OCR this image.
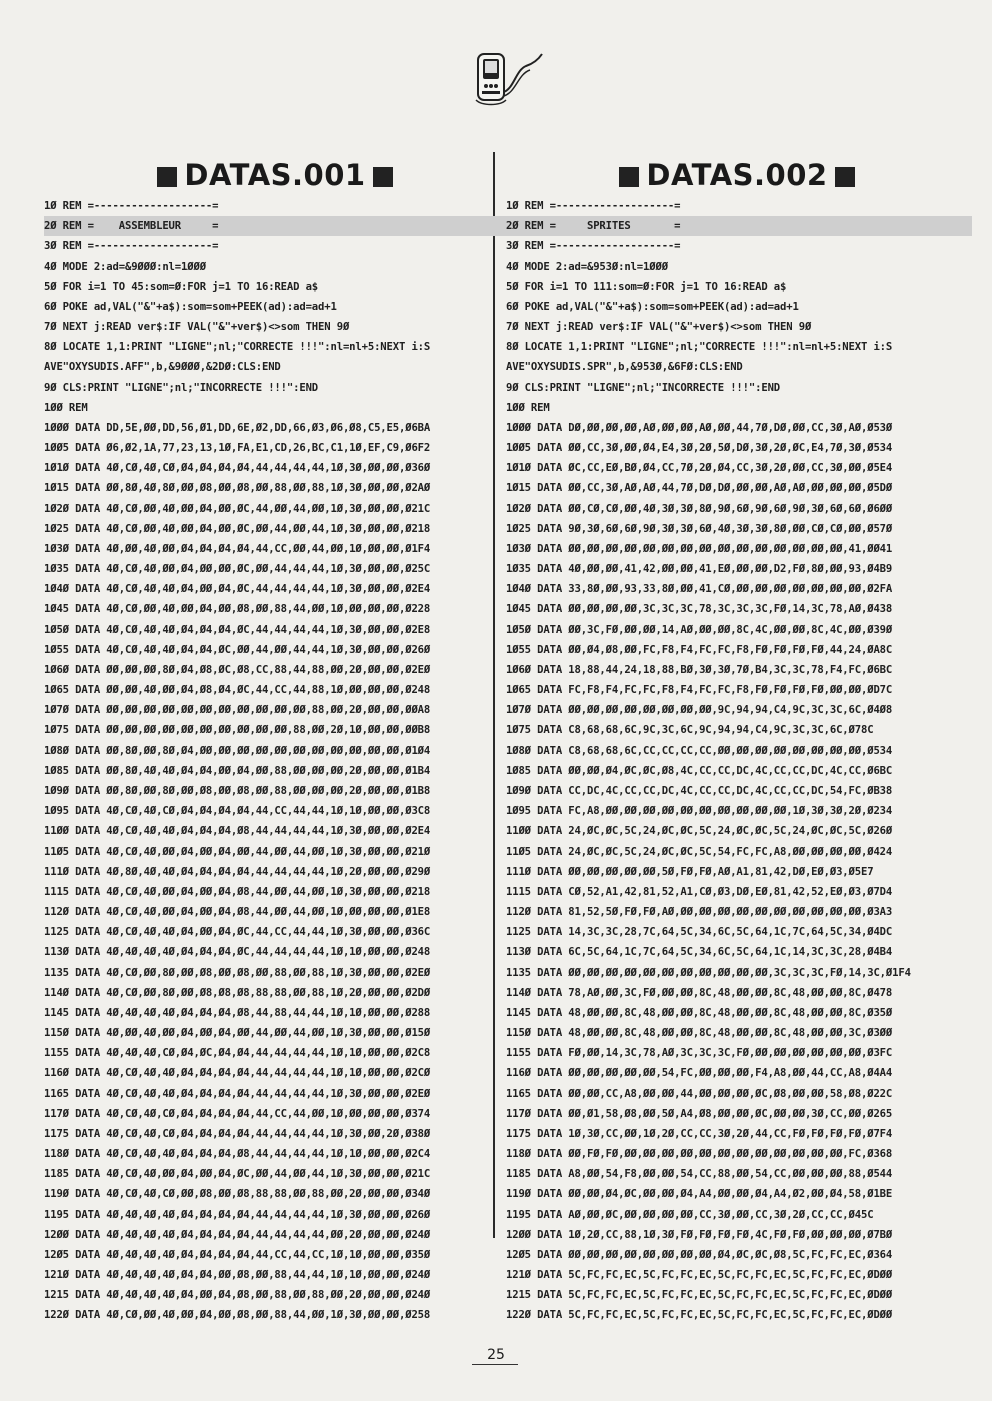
DATAS.001
1Ø REM =-------------------=
2Ø REM =    ASSEMBLEUR     =
3Ø REM =-------------------=
4Ø MODE 2:ad=&9ØØØ:nl=1ØØØ
5Ø FOR i=1 TO 45:som=Ø:FOR j=1 TO 16:READ a$
6Ø POKE ad,VAL("&"+a$):som=som+PEEK(ad):ad=ad+1
7Ø NEXT j:READ ver$:IF VAL("&"+ver$)<>som THEN 9Ø
8Ø LOCATE 1,1:PRINT "LIGNE";nl;"CORRECTE !!!":nl=nl+5:NEXT i:S
AVE"OXYSUDIS.AFF",b,&9ØØØ,&2DØ:CLS:END
9Ø CLS:PRINT "LIGNE";nl;"INCORRECTE !!!":END
1ØØ REM
1ØØØ DATA DD,5E,ØØ,DD,56,Ø1,DD,6E,Ø2,DD,66,Ø3,Ø6,Ø8,C5,E5,Ø6BA
1ØØ5 DATA Ø6,Ø2,1A,77,23,13,1Ø,FA,E1,CD,26,BC,C1,1Ø,EF,C9,Ø6F2
1Ø1Ø DATA 4Ø,CØ,4Ø,CØ,Ø4,Ø4,Ø4,Ø4,44,44,44,44,1Ø,3Ø,ØØ,ØØ,Ø36Ø
1Ø15 DATA ØØ,8Ø,4Ø,8Ø,ØØ,Ø8,ØØ,Ø8,ØØ,88,ØØ,88,1Ø,3Ø,ØØ,ØØ,Ø2AØ
1Ø2Ø DATA 4Ø,CØ,ØØ,4Ø,ØØ,Ø4,ØØ,ØC,44,ØØ,44,ØØ,1Ø,3Ø,ØØ,ØØ,Ø21C
1Ø25 DATA 4Ø,CØ,ØØ,4Ø,ØØ,Ø4,ØØ,ØC,ØØ,44,ØØ,44,1Ø,3Ø,ØØ,ØØ,Ø218
1Ø3Ø DATA 4Ø,ØØ,4Ø,ØØ,Ø4,Ø4,Ø4,Ø4,44,CC,ØØ,44,ØØ,1Ø,ØØ,ØØ,Ø1F4
1Ø35 DATA 4Ø,CØ,4Ø,ØØ,Ø4,ØØ,ØØ,ØC,ØØ,44,44,44,1Ø,3Ø,ØØ,ØØ,Ø25C
1Ø4Ø DATA 4Ø,CØ,4Ø,4Ø,Ø4,ØØ,Ø4,ØC,44,44,44,44,1Ø,3Ø,ØØ,ØØ,Ø2E4
1Ø45 DATA 4Ø,CØ,ØØ,4Ø,ØØ,Ø4,ØØ,Ø8,ØØ,88,44,ØØ,1Ø,ØØ,ØØ,ØØ,Ø228
1Ø5Ø DATA 4Ø,CØ,4Ø,4Ø,Ø4,Ø4,Ø4,ØC,44,44,44,44,1Ø,3Ø,ØØ,ØØ,Ø2E8
1Ø55 DATA 4Ø,CØ,4Ø,4Ø,Ø4,Ø4,ØC,ØØ,44,ØØ,44,44,1Ø,3Ø,ØØ,ØØ,Ø26Ø
1Ø6Ø DATA ØØ,ØØ,ØØ,8Ø,Ø4,Ø8,ØC,Ø8,CC,88,44,88,ØØ,2Ø,ØØ,ØØ,Ø2EØ
1Ø65 DATA ØØ,ØØ,4Ø,ØØ,Ø4,Ø8,Ø4,ØC,44,CC,44,88,1Ø,ØØ,ØØ,ØØ,Ø248
1Ø7Ø DATA ØØ,ØØ,ØØ,ØØ,ØØ,ØØ,ØØ,ØØ,ØØ,ØØ,ØØ,88,ØØ,2Ø,ØØ,ØØ,ØØA8
1Ø75 DATA ØØ,ØØ,ØØ,ØØ,ØØ,ØØ,ØØ,ØØ,ØØ,ØØ,88,ØØ,2Ø,1Ø,ØØ,ØØ,ØØB8
1Ø8Ø DATA ØØ,8Ø,ØØ,8Ø,Ø4,ØØ,ØØ,ØØ,ØØ,ØØ,ØØ,ØØ,ØØ,ØØ,ØØ,ØØ,Ø1Ø4
1Ø85 DATA ØØ,8Ø,4Ø,4Ø,Ø4,Ø4,ØØ,Ø4,ØØ,88,ØØ,ØØ,ØØ,2Ø,ØØ,ØØ,Ø1B4
1Ø9Ø DATA ØØ,8Ø,ØØ,8Ø,ØØ,Ø8,ØØ,Ø8,ØØ,88,ØØ,ØØ,ØØ,2Ø,ØØ,ØØ,Ø1B8
1Ø95 DATA 4Ø,CØ,4Ø,CØ,Ø4,Ø4,Ø4,Ø4,44,CC,44,44,1Ø,1Ø,ØØ,ØØ,Ø3C8
11ØØ DATA 4Ø,CØ,4Ø,4Ø,Ø4,Ø4,Ø4,Ø8,44,44,44,44,1Ø,3Ø,ØØ,ØØ,Ø2E4
11Ø5 DATA 4Ø,CØ,4Ø,ØØ,Ø4,ØØ,Ø4,ØØ,44,ØØ,44,ØØ,1Ø,3Ø,ØØ,ØØ,Ø21Ø
111Ø DATA 4Ø,8Ø,4Ø,4Ø,Ø4,Ø4,Ø4,Ø4,44,44,44,44,1Ø,2Ø,ØØ,ØØ,Ø29Ø
1115 DATA 4Ø,CØ,4Ø,ØØ,Ø4,ØØ,Ø4,Ø8,44,ØØ,44,ØØ,1Ø,3Ø,ØØ,ØØ,Ø218
112Ø DATA 4Ø,CØ,4Ø,ØØ,Ø4,ØØ,Ø4,Ø8,44,ØØ,44,ØØ,1Ø,ØØ,ØØ,ØØ,Ø1E8
1125 DATA 4Ø,CØ,4Ø,4Ø,Ø4,ØØ,Ø4,ØC,44,CC,44,44,1Ø,3Ø,ØØ,ØØ,Ø36C
113Ø DATA 4Ø,4Ø,4Ø,4Ø,Ø4,Ø4,Ø4,ØC,44,44,44,44,1Ø,1Ø,ØØ,ØØ,Ø248
1135 DATA 4Ø,CØ,ØØ,8Ø,ØØ,Ø8,ØØ,Ø8,ØØ,88,ØØ,88,1Ø,3Ø,ØØ,ØØ,Ø2EØ
114Ø DATA 4Ø,CØ,ØØ,8Ø,ØØ,Ø8,Ø8,Ø8,88,88,ØØ,88,1Ø,2Ø,ØØ,ØØ,Ø2DØ
1145 DATA 4Ø,4Ø,4Ø,4Ø,Ø4,Ø4,Ø4,Ø8,44,88,44,44,1Ø,1Ø,ØØ,ØØ,Ø288
115Ø DATA 4Ø,ØØ,4Ø,ØØ,Ø4,ØØ,Ø4,ØØ,44,ØØ,44,ØØ,1Ø,3Ø,ØØ,ØØ,Ø15Ø
1155 DATA 4Ø,4Ø,4Ø,CØ,Ø4,ØC,Ø4,Ø4,44,44,44,44,1Ø,1Ø,ØØ,ØØ,Ø2C8
116Ø DATA 4Ø,CØ,4Ø,4Ø,Ø4,Ø4,Ø4,Ø4,44,44,44,44,1Ø,1Ø,ØØ,ØØ,Ø2CØ
1165 DATA 4Ø,CØ,4Ø,4Ø,Ø4,Ø4,Ø4,Ø4,44,44,44,44,1Ø,3Ø,ØØ,ØØ,Ø2EØ
117Ø DATA 4Ø,CØ,4Ø,CØ,Ø4,Ø4,Ø4,Ø4,44,CC,44,ØØ,1Ø,ØØ,ØØ,ØØ,Ø374
1175 DATA 4Ø,CØ,4Ø,CØ,Ø4,Ø4,Ø4,Ø4,44,44,44,44,1Ø,3Ø,ØØ,2Ø,Ø38Ø
118Ø DATA 4Ø,CØ,4Ø,4Ø,Ø4,Ø4,Ø4,Ø8,44,44,44,44,1Ø,1Ø,ØØ,ØØ,Ø2C4
1185 DATA 4Ø,CØ,4Ø,ØØ,Ø4,ØØ,Ø4,ØC,ØØ,44,ØØ,44,1Ø,3Ø,ØØ,ØØ,Ø21C
119Ø DATA 4Ø,CØ,4Ø,CØ,ØØ,Ø8,ØØ,Ø8,88,88,ØØ,88,ØØ,2Ø,ØØ,ØØ,Ø34Ø
1195 DATA 4Ø,4Ø,4Ø,4Ø,Ø4,Ø4,Ø4,Ø4,44,44,44,44,1Ø,3Ø,ØØ,ØØ,Ø26Ø
12ØØ DATA 4Ø,4Ø,4Ø,4Ø,Ø4,Ø4,Ø4,Ø4,44,44,44,44,ØØ,2Ø,ØØ,ØØ,Ø24Ø
12Ø5 DATA 4Ø,4Ø,4Ø,4Ø,Ø4,Ø4,Ø4,Ø4,44,CC,44,CC,1Ø,1Ø,ØØ,ØØ,Ø35Ø
121Ø DATA 4Ø,4Ø,4Ø,4Ø,Ø4,Ø4,ØØ,Ø8,ØØ,88,44,44,1Ø,1Ø,ØØ,ØØ,Ø24Ø
1215 DATA 4Ø,4Ø,4Ø,4Ø,Ø4,ØØ,Ø4,Ø8,ØØ,88,ØØ,88,ØØ,2Ø,ØØ,ØØ,Ø24Ø
122Ø DATA 4Ø,CØ,ØØ,4Ø,ØØ,Ø4,ØØ,Ø8,ØØ,88,44,ØØ,1Ø,3Ø,ØØ,ØØ,Ø258
DATAS.002
1Ø REM =-------------------=
2Ø REM =     SPRITES       =
3Ø REM =-------------------=
4Ø MODE 2:ad=&953Ø:nl=1ØØØ
5Ø FOR i=1 TO 111:som=Ø:FOR j=1 TO 16:READ a$
6Ø POKE ad,VAL("&"+a$):som=som+PEEK(ad):ad=ad+1
7Ø NEXT j:READ ver$:IF VAL("&"+ver$)<>som THEN 9Ø
8Ø LOCATE 1,1:PRINT "LIGNE";nl;"CORRECTE !!!":nl=nl+5:NEXT i:S
AVE"OXYSUDIS.SPR",b,&953Ø,&6FØ:CLS:END
9Ø CLS:PRINT "LIGNE";nl;"INCORRECTE !!!":END
1ØØ REM
1ØØØ DATA DØ,ØØ,ØØ,ØØ,AØ,ØØ,ØØ,AØ,ØØ,44,7Ø,DØ,ØØ,CC,3Ø,AØ,Ø53Ø
1ØØ5 DATA ØØ,CC,3Ø,ØØ,Ø4,E4,3Ø,2Ø,5Ø,DØ,3Ø,2Ø,ØC,E4,7Ø,3Ø,Ø534
1Ø1Ø DATA ØC,CC,EØ,BØ,Ø4,CC,7Ø,2Ø,Ø4,CC,3Ø,2Ø,ØØ,CC,3Ø,ØØ,Ø5E4
1Ø15 DATA ØØ,CC,3Ø,AØ,AØ,44,7Ø,DØ,DØ,ØØ,ØØ,AØ,AØ,ØØ,ØØ,ØØ,Ø5DØ
1Ø2Ø DATA ØØ,CØ,CØ,ØØ,4Ø,3Ø,3Ø,8Ø,9Ø,6Ø,9Ø,6Ø,9Ø,3Ø,6Ø,6Ø,Ø6ØØ
1Ø25 DATA 9Ø,3Ø,6Ø,6Ø,9Ø,3Ø,3Ø,6Ø,4Ø,3Ø,3Ø,8Ø,ØØ,CØ,CØ,ØØ,Ø57Ø
1Ø3Ø DATA ØØ,ØØ,ØØ,ØØ,ØØ,ØØ,ØØ,ØØ,ØØ,ØØ,ØØ,ØØ,ØØ,ØØ,ØØ,41,ØØ41
1Ø35 DATA 4Ø,ØØ,ØØ,41,42,ØØ,ØØ,41,EØ,ØØ,ØØ,D2,FØ,8Ø,ØØ,93,Ø4B9
1Ø4Ø DATA 33,8Ø,ØØ,93,33,8Ø,ØØ,41,CØ,ØØ,ØØ,ØØ,ØØ,ØØ,ØØ,ØØ,Ø2FA
1Ø45 DATA ØØ,ØØ,ØØ,ØØ,3C,3C,3C,78,3C,3C,3C,FØ,14,3C,78,AØ,Ø438
1Ø5Ø DATA ØØ,3C,FØ,ØØ,ØØ,14,AØ,ØØ,ØØ,8C,4C,ØØ,ØØ,8C,4C,ØØ,Ø39Ø
1Ø55 DATA ØØ,Ø4,Ø8,ØØ,FC,F8,F4,FC,FC,F8,FØ,FØ,FØ,FØ,44,24,ØA8C
1Ø6Ø DATA 18,88,44,24,18,88,BØ,3Ø,3Ø,7Ø,B4,3C,3C,78,F4,FC,Ø6BC
1Ø65 DATA FC,F8,F4,FC,FC,F8,F4,FC,FC,F8,FØ,FØ,FØ,FØ,ØØ,ØØ,ØD7C
1Ø7Ø DATA ØØ,ØØ,ØØ,ØØ,ØØ,ØØ,ØØ,ØØ,9C,94,94,C4,9C,3C,3C,6C,Ø4Ø8
1Ø75 DATA C8,68,68,6C,9C,3C,6C,9C,94,94,C4,9C,3C,3C,6C,Ø78C
1Ø8Ø DATA C8,68,68,6C,CC,CC,CC,CC,ØØ,ØØ,ØØ,ØØ,ØØ,ØØ,ØØ,ØØ,Ø534
1Ø85 DATA ØØ,ØØ,Ø4,ØC,ØC,Ø8,4C,CC,CC,DC,4C,CC,CC,DC,4C,CC,Ø6BC
1Ø9Ø DATA CC,DC,4C,CC,CC,DC,4C,CC,CC,DC,4C,CC,CC,DC,54,FC,ØB38
1Ø95 DATA FC,A8,ØØ,ØØ,ØØ,ØØ,ØØ,ØØ,ØØ,ØØ,ØØ,ØØ,1Ø,3Ø,3Ø,2Ø,Ø234
11ØØ DATA 24,ØC,ØC,5C,24,ØC,ØC,5C,24,ØC,ØC,5C,24,ØC,ØC,5C,Ø26Ø
11Ø5 DATA 24,ØC,ØC,5C,24,ØC,ØC,5C,54,FC,FC,A8,ØØ,ØØ,ØØ,ØØ,Ø424
111Ø DATA ØØ,ØØ,ØØ,ØØ,ØØ,5Ø,FØ,FØ,AØ,A1,81,42,DØ,EØ,Ø3,Ø5E7
1115 DATA CØ,52,A1,42,81,52,A1,CØ,Ø3,DØ,EØ,81,42,52,EØ,Ø3,Ø7D4
112Ø DATA 81,52,5Ø,FØ,FØ,AØ,ØØ,ØØ,ØØ,ØØ,ØØ,ØØ,ØØ,ØØ,ØØ,ØØ,Ø3A3
1125 DATA 14,3C,3C,28,7C,64,5C,34,6C,5C,64,1C,7C,64,5C,34,Ø4DC
113Ø DATA 6C,5C,64,1C,7C,64,5C,34,6C,5C,64,1C,14,3C,3C,28,Ø4B4
1135 DATA ØØ,ØØ,ØØ,ØØ,ØØ,ØØ,ØØ,ØØ,ØØ,ØØ,ØØ,3C,3C,3C,FØ,14,3C,Ø1F4
114Ø DATA 78,AØ,ØØ,3C,FØ,ØØ,ØØ,8C,48,ØØ,ØØ,8C,48,ØØ,ØØ,8C,Ø478
1145 DATA 48,ØØ,ØØ,8C,48,ØØ,ØØ,8C,48,ØØ,ØØ,8C,48,ØØ,ØØ,8C,Ø35Ø
115Ø DATA 48,ØØ,ØØ,8C,48,ØØ,ØØ,8C,48,ØØ,ØØ,8C,48,ØØ,ØØ,3C,Ø3ØØ
1155 DATA FØ,ØØ,14,3C,78,AØ,3C,3C,3C,FØ,ØØ,ØØ,ØØ,ØØ,ØØ,ØØ,Ø3FC
116Ø DATA ØØ,ØØ,ØØ,ØØ,ØØ,54,FC,ØØ,ØØ,ØØ,F4,A8,ØØ,44,CC,A8,Ø4A4
1165 DATA ØØ,ØØ,CC,A8,ØØ,ØØ,44,ØØ,ØØ,ØØ,ØC,Ø8,ØØ,ØØ,58,Ø8,Ø22C
117Ø DATA ØØ,Ø1,58,Ø8,ØØ,5Ø,A4,Ø8,ØØ,ØØ,ØC,ØØ,ØØ,3Ø,CC,ØØ,Ø265
1175 DATA 1Ø,3Ø,CC,ØØ,1Ø,2Ø,CC,CC,3Ø,2Ø,44,CC,FØ,FØ,FØ,FØ,Ø7F4
118Ø DATA ØØ,FØ,FØ,ØØ,ØØ,ØØ,ØØ,ØØ,ØØ,ØØ,ØØ,ØØ,ØØ,ØØ,ØØ,FC,Ø368
1185 DATA A8,ØØ,54,F8,ØØ,ØØ,54,CC,88,ØØ,54,CC,ØØ,ØØ,ØØ,88,Ø544
119Ø DATA ØØ,ØØ,Ø4,ØC,ØØ,ØØ,Ø4,A4,ØØ,ØØ,Ø4,A4,Ø2,ØØ,Ø4,58,Ø1BE
1195 DATA AØ,ØØ,ØC,ØØ,ØØ,ØØ,ØØ,CC,3Ø,ØØ,CC,3Ø,2Ø,CC,CC,Ø45C
12ØØ DATA 1Ø,2Ø,CC,88,1Ø,3Ø,FØ,FØ,FØ,FØ,4C,FØ,FØ,ØØ,ØØ,ØØ,Ø7BØ
12Ø5 DATA ØØ,ØØ,ØØ,ØØ,ØØ,ØØ,ØØ,ØØ,Ø4,ØC,ØC,Ø8,5C,FC,FC,EC,Ø364
121Ø DATA 5C,FC,FC,EC,5C,FC,FC,EC,5C,FC,FC,EC,5C,FC,FC,EC,ØDØØ
1215 DATA 5C,FC,FC,EC,5C,FC,FC,EC,5C,FC,FC,EC,5C,FC,FC,EC,ØDØØ
122Ø DATA 5C,FC,FC,EC,5C,FC,FC,EC,5C,FC,FC,EC,5C,FC,FC,EC,ØDØØ
25
